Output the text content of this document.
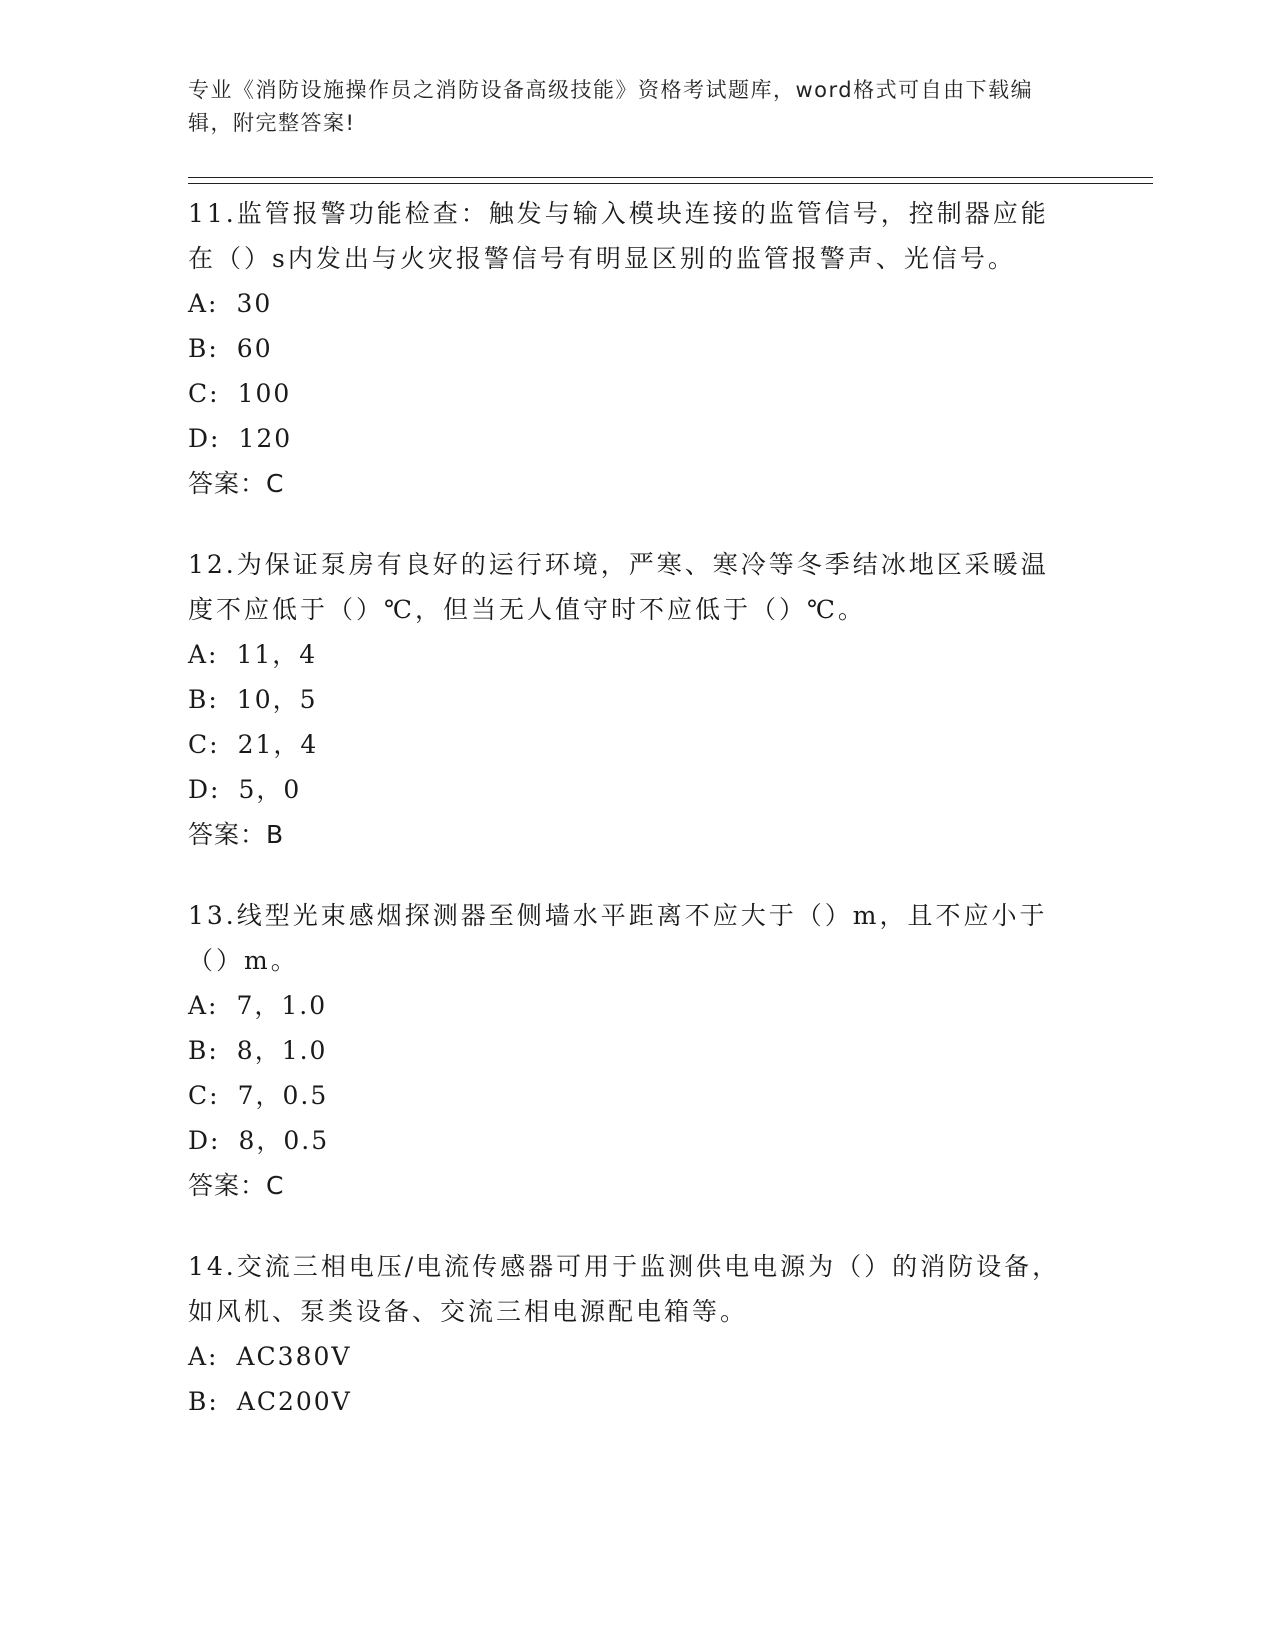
专业《消防设施操作员之消防设备高级技能》资格考试题库，word格式可自由下载编辑，附完整答案!

11.监管报警功能检查：触发与输入模块连接的监管信号，控制器应能在（）s内发出与火灾报警信号有明显区别的监管报警声、光信号。

A: 30

B: 60

C: 100

D: 120

答案：C

12.为保证泵房有良好的运行环境，严寒、寒冷等冬季结冰地区采暖温度不应低于（）℃，但当无人值守时不应低于（）℃。

A: 11，4

B: 10，5

C: 21，4

D: 5，0

答案：B

13.线型光束感烟探测器至侧墙水平距离不应大于（）m，且不应小于（）m。

A: 7，1.0

B: 8，1.0

C: 7，0.5

D: 8，0.5

答案：C

14.交流三相电压/电流传感器可用于监测供电电源为（）的消防设备，如风机、泵类设备、交流三相电源配电箱等。

A: AC380V

B: AC200V
